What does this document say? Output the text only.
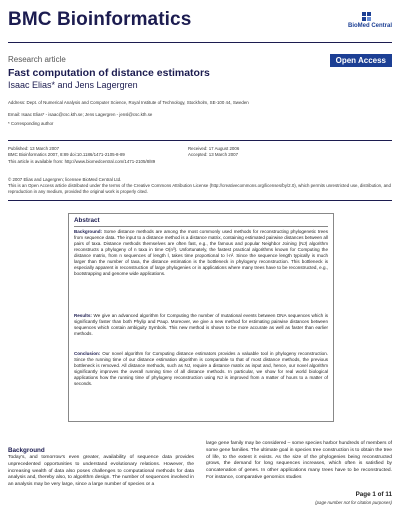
BMC Bioinformatics	BioMed Central
Research article	Open Access
Fast computation of distance estimators
Isaac Elias* and Jens Lagergren
Address: Dept. of Numerical Analysis and Computer Science, Royal Institute of Technology, Stockholm, SE-100 44, Sweden
Email: Isaac Elias* - isaac@csc.kth.se; Jens Lagergren - jensl@csc.kth.se
* Corresponding author
Published: 13 March 2007
BMC Bioinformatics 2007, 8:89 doi:10.1186/1471-2105-8-89
This article is available from: http://www.biomedcentral.com/1471-2105/8/89
Received: 17 August 2006
Accepted: 13 March 2007
© 2007 Elias and Lagergren; licensee BioMed Central Ltd.
This is an Open Access article distributed under the terms of the Creative Commons Attribution License (http://creativecommons.org/licenses/by/2.0), which permits unrestricted use, distribution, and reproduction in any medium, provided the original work is properly cited.
Abstract
Background: Some distance methods are among the most commonly used methods for reconstructing phylogenetic trees from sequence data. The input to a distance method is a distance matrix, containing estimated pairwise distances between all pairs of taxa. Distance methods themselves are often fast, e.g., the famous and popular Neighbor Joining (NJ) algorithm reconstructs a phylogeny of n taxa in time O(n³). Unfortunately, the fastest practical algorithms known for Computing the distance matrix, from n sequences of length l, takes time proportional to l·n². Since the sequence length typically is much larger than the number of taxa, the distance estimation is the bottleneck in phylogeny reconstruction. This bottleneck is especially apparent in reconstruction of large phylogenies or in applications where many trees have to be reconstructed, e.g., bootstrapping and genome wide applications.
Results: We give an advanced algorithm for Computing the number of mutational events between DNA sequences which is significantly faster than both Phylip and Paup. Moreover, we give a new method for estimating pairwise distances between sequences which contain ambiguity Symbols. This new method is shown to be more accurate as well as faster than earlier methods.
Conclusion: Our novel algorithm for Computing distance estimators provides a valuable tool in phylogeny reconstruction. Since the running time of our distance estimation algorithm is comparable to that of most distance methods, the previous bottleneck is removed. All distance methods, such as NJ, require a distance matrix as input and, hence, our novel algorithm significantly improves the overall running time of all distance methods. In particular, we show for real world biological applications how the running time of phylogeny reconstruction using NJ is improved from a matter of hours to a matter of seconds.
Background
Today's, and tomorrow's even greater, availability of sequence data provides unprecedented opportunities to understand evolutionary relations. However, the increasing wealth of data also poses challenges to computational methods for data analysis and, thereby also, to algorithm design. The number of sequences involved in an analysis may be very large, since a large number of species or a
large gene family may be considered – some species harbor hundreds of members of some gene families. The ultimate goal in species tree construction is to obtain the tree of life, to the extent it exists. As the size of the phylogenies being reconstructed grows, the demand for long sequences increases, which often is satisfied by concatenation of genes. In other applications many trees have to be reconstructed. For instance, comparative genomics studies
Page 1 of 11
(page number not for citation purposes)
